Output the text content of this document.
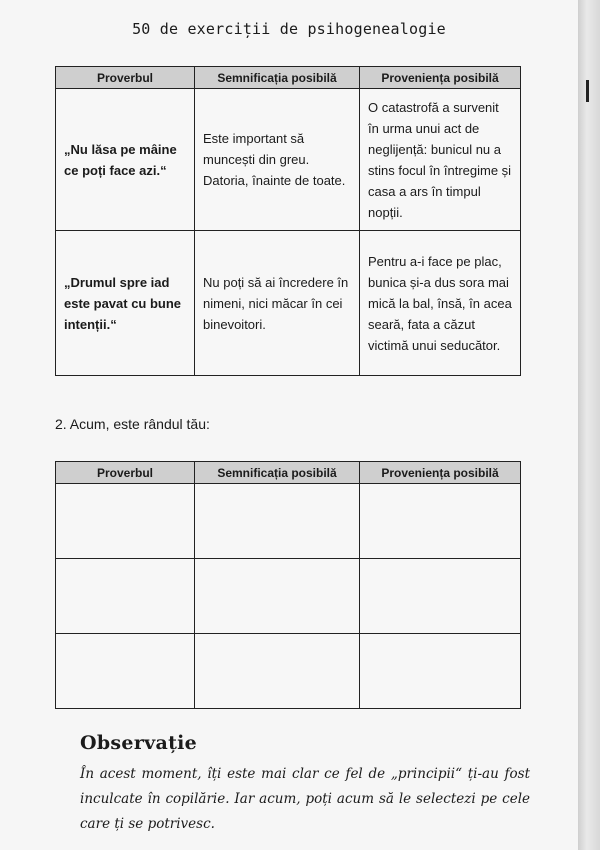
50 de exerciții de psihogenealogie
Proverbul	Semnificația posibilă	Proveniența posibilă
„Nu lăsa pe mâine ce poți face azi.“	Este important să muncești din greu. Datoria, înainte de toate.	O catastrofă a survenit în urma unui act de neglijență: bunicul nu a stins focul în întregime și casa a ars în timpul nopții.
„Drumul spre iad este pavat cu bune intenții.“	Nu poți să ai încredere în nimeni, nici măcar în cei binevoitori.	Pentru a-i face pe plac, bunica și-a dus sora mai mică la bal, însă, în acea seară, fata a căzut victimă unui seducător.
2. Acum, este rândul tău:
Proverbul	Semnificația posibilă	Proveniența posibilă

Observație
În acest moment, îți este mai clar ce fel de „principii“ ți-au fost inculcate în copilărie. Iar acum, poți acum să le selectezi pe cele care ți se potrivesc.
